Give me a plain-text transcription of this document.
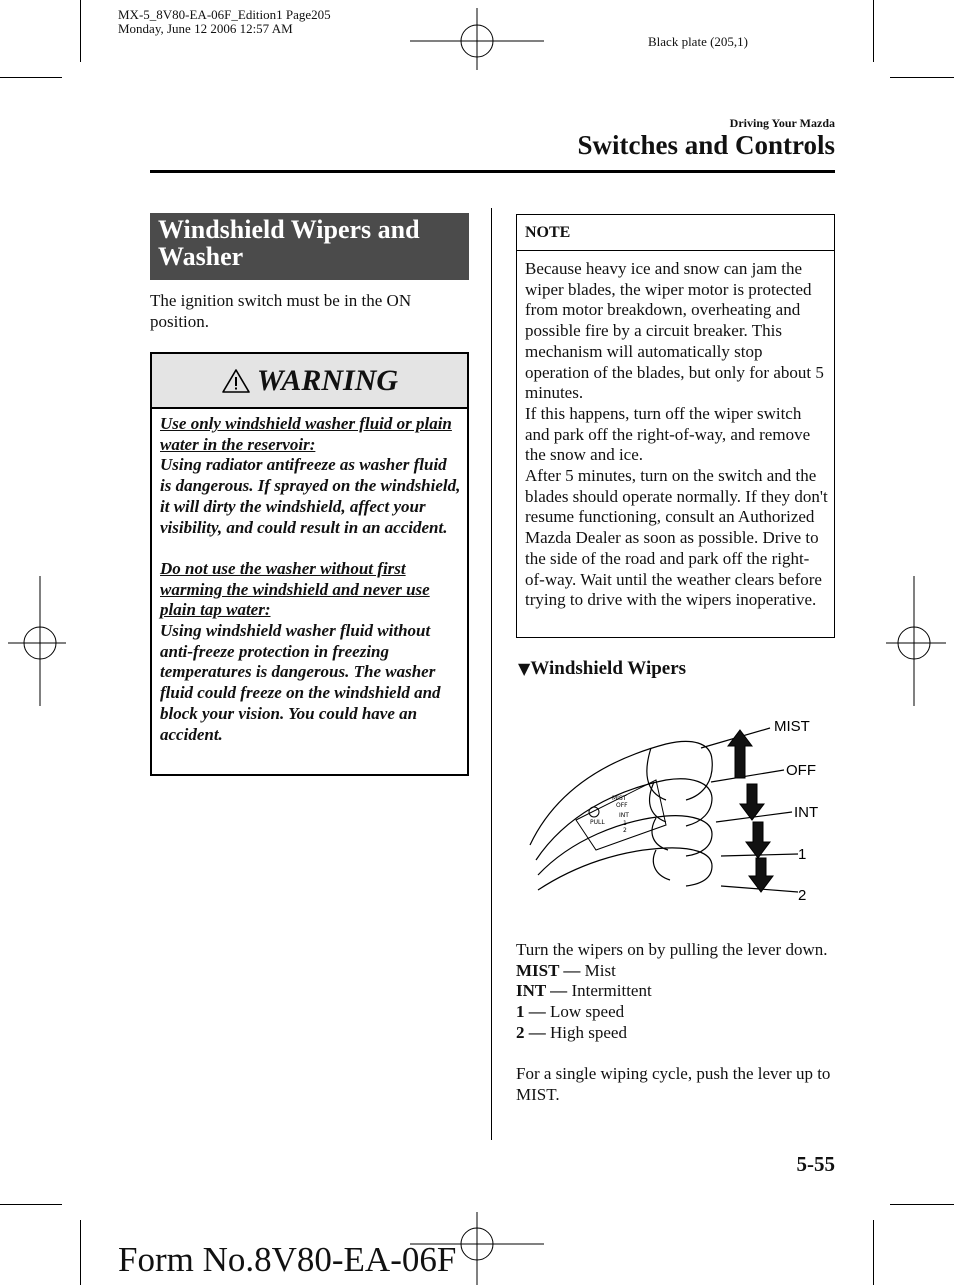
MX-5_8V80-EA-06F_Edition1 Page205
Monday, June 12 2006 12:57 AM
Black plate (205,1)
Driving Your Mazda
Switches and Controls
Windshield Wipers and Washer
The ignition switch must be in the ON position.
WARNING

Use only windshield washer fluid or plain water in the reservoir:
Using radiator antifreeze as washer fluid is dangerous. If sprayed on the windshield, it will dirty the windshield, affect your visibility, and could result in an accident.

Do not use the washer without first warming the windshield and never use plain tap water:
Using windshield washer fluid without anti-freeze protection in freezing temperatures is dangerous. The washer fluid could freeze on the windshield and block your vision. You could have an accident.

NOTE

Because heavy ice and snow can jam the wiper blades, the wiper motor is protected from motor breakdown, overheating and possible fire by a circuit breaker. This mechanism will automatically stop operation of the blades, but only for about 5 minutes.

If this happens, turn off the wiper switch and park off the right-of-way, and remove the snow and ice.

After 5 minutes, turn on the switch and the blades should operate normally. If they don't resume functioning, consult an Authorized Mazda Dealer as soon as possible. Drive to the side of the road and park off the right-of-way. Wait until the weather clears before trying to drive with the wipers inoperative.

▼Windshield Wipers
MIST
OFF
INT
1
2
PULL
MIST
OFF
INT
1
2

Turn the wipers on by pulling the lever down.

MIST — Mist

INT — Intermittent

1 — Low speed

2 — High speed

For a single wiping cycle, push the lever up to MIST.

5-55
Form No.8V80-EA-06F
